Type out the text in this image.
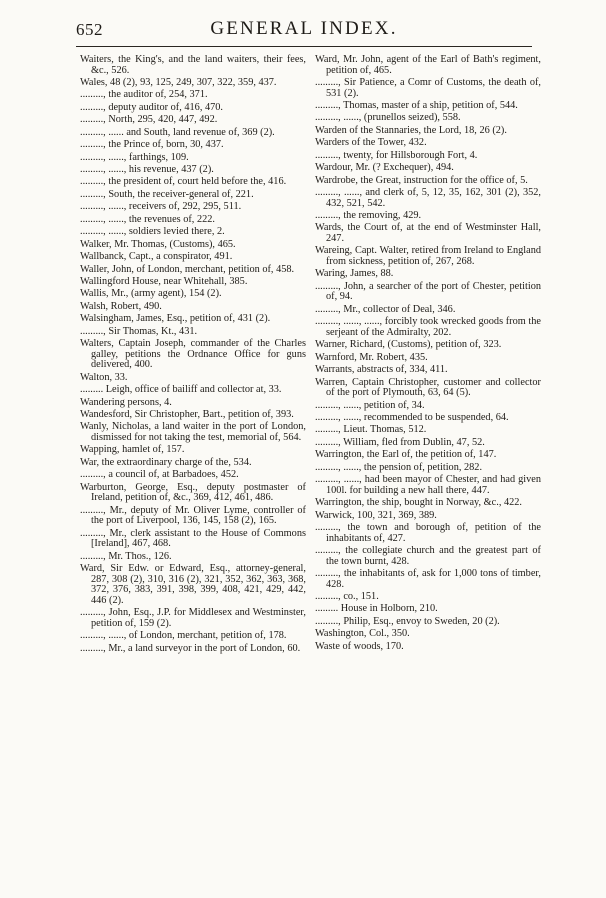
652	GENERAL INDEX.
Waiters, the King's, and the land waiters, their fees, &c., 526.
Wales, 48 (2), 93, 125, 249, 307, 322, 359, 437.
........., the auditor of, 254, 371.
........., deputy auditor of, 416, 470.
........., North, 295, 420, 447, 492.
........., ...... and South, land revenue of, 369 (2).
........., the Prince of, born, 30, 437.
........., ......, farthings, 109.
........., ......, his revenue, 437 (2).
........., the president of, court held before the, 416.
........., South, the receiver-general of, 221.
........., ......, receivers of, 292, 295, 511.
........., ......, the revenues of, 222.
........., ......, soldiers levied there, 2.
Walker, Mr. Thomas, (Customs), 465.
Wallbanck, Capt., a conspirator, 491.
Waller, John, of London, merchant, petition of, 458.
Wallingford House, near Whitehall, 385.
Wallis, Mr., (army agent), 154 (2).
Walsh, Robert, 490.
Walsingham, James, Esq., petition of, 431 (2).
........., Sir Thomas, Kt., 431.
Walters, Captain Joseph, commander of the Charles galley, petitions the Ordnance Office for guns delivered, 400.
Walton, 33.
......... Leigh, office of bailiff and collector at, 33.
Wandering persons, 4.
Wandesford, Sir Christopher, Bart., petition of, 393.
Wanly, Nicholas, a land waiter in the port of London, dismissed for not taking the test, memorial of, 564.
Wapping, hamlet of, 157.
War, the extraordinary charge of the, 534.
........., a council of, at Barbadoes, 452.
Warburton, George, Esq., deputy postmaster of Ireland, petition of, &c., 369, 412, 461, 486.
........., Mr., deputy of Mr. Oliver Lyme, controller of the port of Liverpool, 136, 145, 158 (2), 165.
........., Mr., clerk assistant to the House of Commons [Ireland], 467, 468.
........., Mr. Thos., 126.
Ward, Sir Edw. or Edward, Esq., attorney-general, 287, 308 (2), 310, 316 (2), 321, 352, 362, 363, 368, 372, 376, 383, 391, 398, 399, 408, 421, 429, 442, 446 (2).
........., John, Esq., J.P. for Middlesex and Westminster, petition of, 159 (2).
........., ......, of London, merchant, petition of, 178.
........., Mr., a land surveyor in the port of London, 60.
Ward, Mr. John, agent of the Earl of Bath's regiment, petition of, 465.
........., Sir Patience, a Comr of Customs, the death of, 531 (2).
........., Thomas, master of a ship, petition of, 544.
........., ......, (prunellos seized), 558.
Warden of the Stannaries, the Lord, 18, 26 (2).
Warders of the Tower, 432.
........., twenty, for Hillsborough Fort, 4.
Wardour, Mr. (? Exchequer), 494.
Wardrobe, the Great, instruction for the office of, 5.
........., ......, and clerk of, 5, 12, 35, 162, 301 (2), 352, 432, 521, 542.
........., the removing, 429.
Wards, the Court of, at the end of Westminster Hall, 247.
Wareing, Capt. Walter, retired from Ireland to England from sickness, petition of, 267, 268.
Waring, James, 88.
........., John, a searcher of the port of Chester, petition of, 94.
........., Mr., collector of Deal, 346.
........., ......, ......, forcibly took wrecked goods from the serjeant of the Admiralty, 202.
Warner, Richard, (Customs), petition of, 323.
Warnford, Mr. Robert, 435.
Warrants, abstracts of, 334, 411.
Warren, Captain Christopher, customer and collector of the port of Plymouth, 63, 64 (5).
........., ......, petition of, 34.
........., ......, recommended to be suspended, 64.
........., Lieut. Thomas, 512.
........., William, fled from Dublin, 47, 52.
Warrington, the Earl of, the petition of, 147.
........., ......, the pension of, petition, 282.
........., ......, had been mayor of Chester, and had given 100l. for building a new hall there, 447.
Warrington, the ship, bought in Norway, &c., 422.
Warwick, 100, 321, 369, 389.
........., the town and borough of, petition of the inhabitants of, 427.
........., the collegiate church and the greatest part of the town burnt, 428.
........., the inhabitants of, ask for 1,000 tons of timber, 428.
........., co., 151.
......... House in Holborn, 210.
........., Philip, Esq., envoy to Sweden, 20 (2).
Washington, Col., 350.
Waste of woods, 170.
